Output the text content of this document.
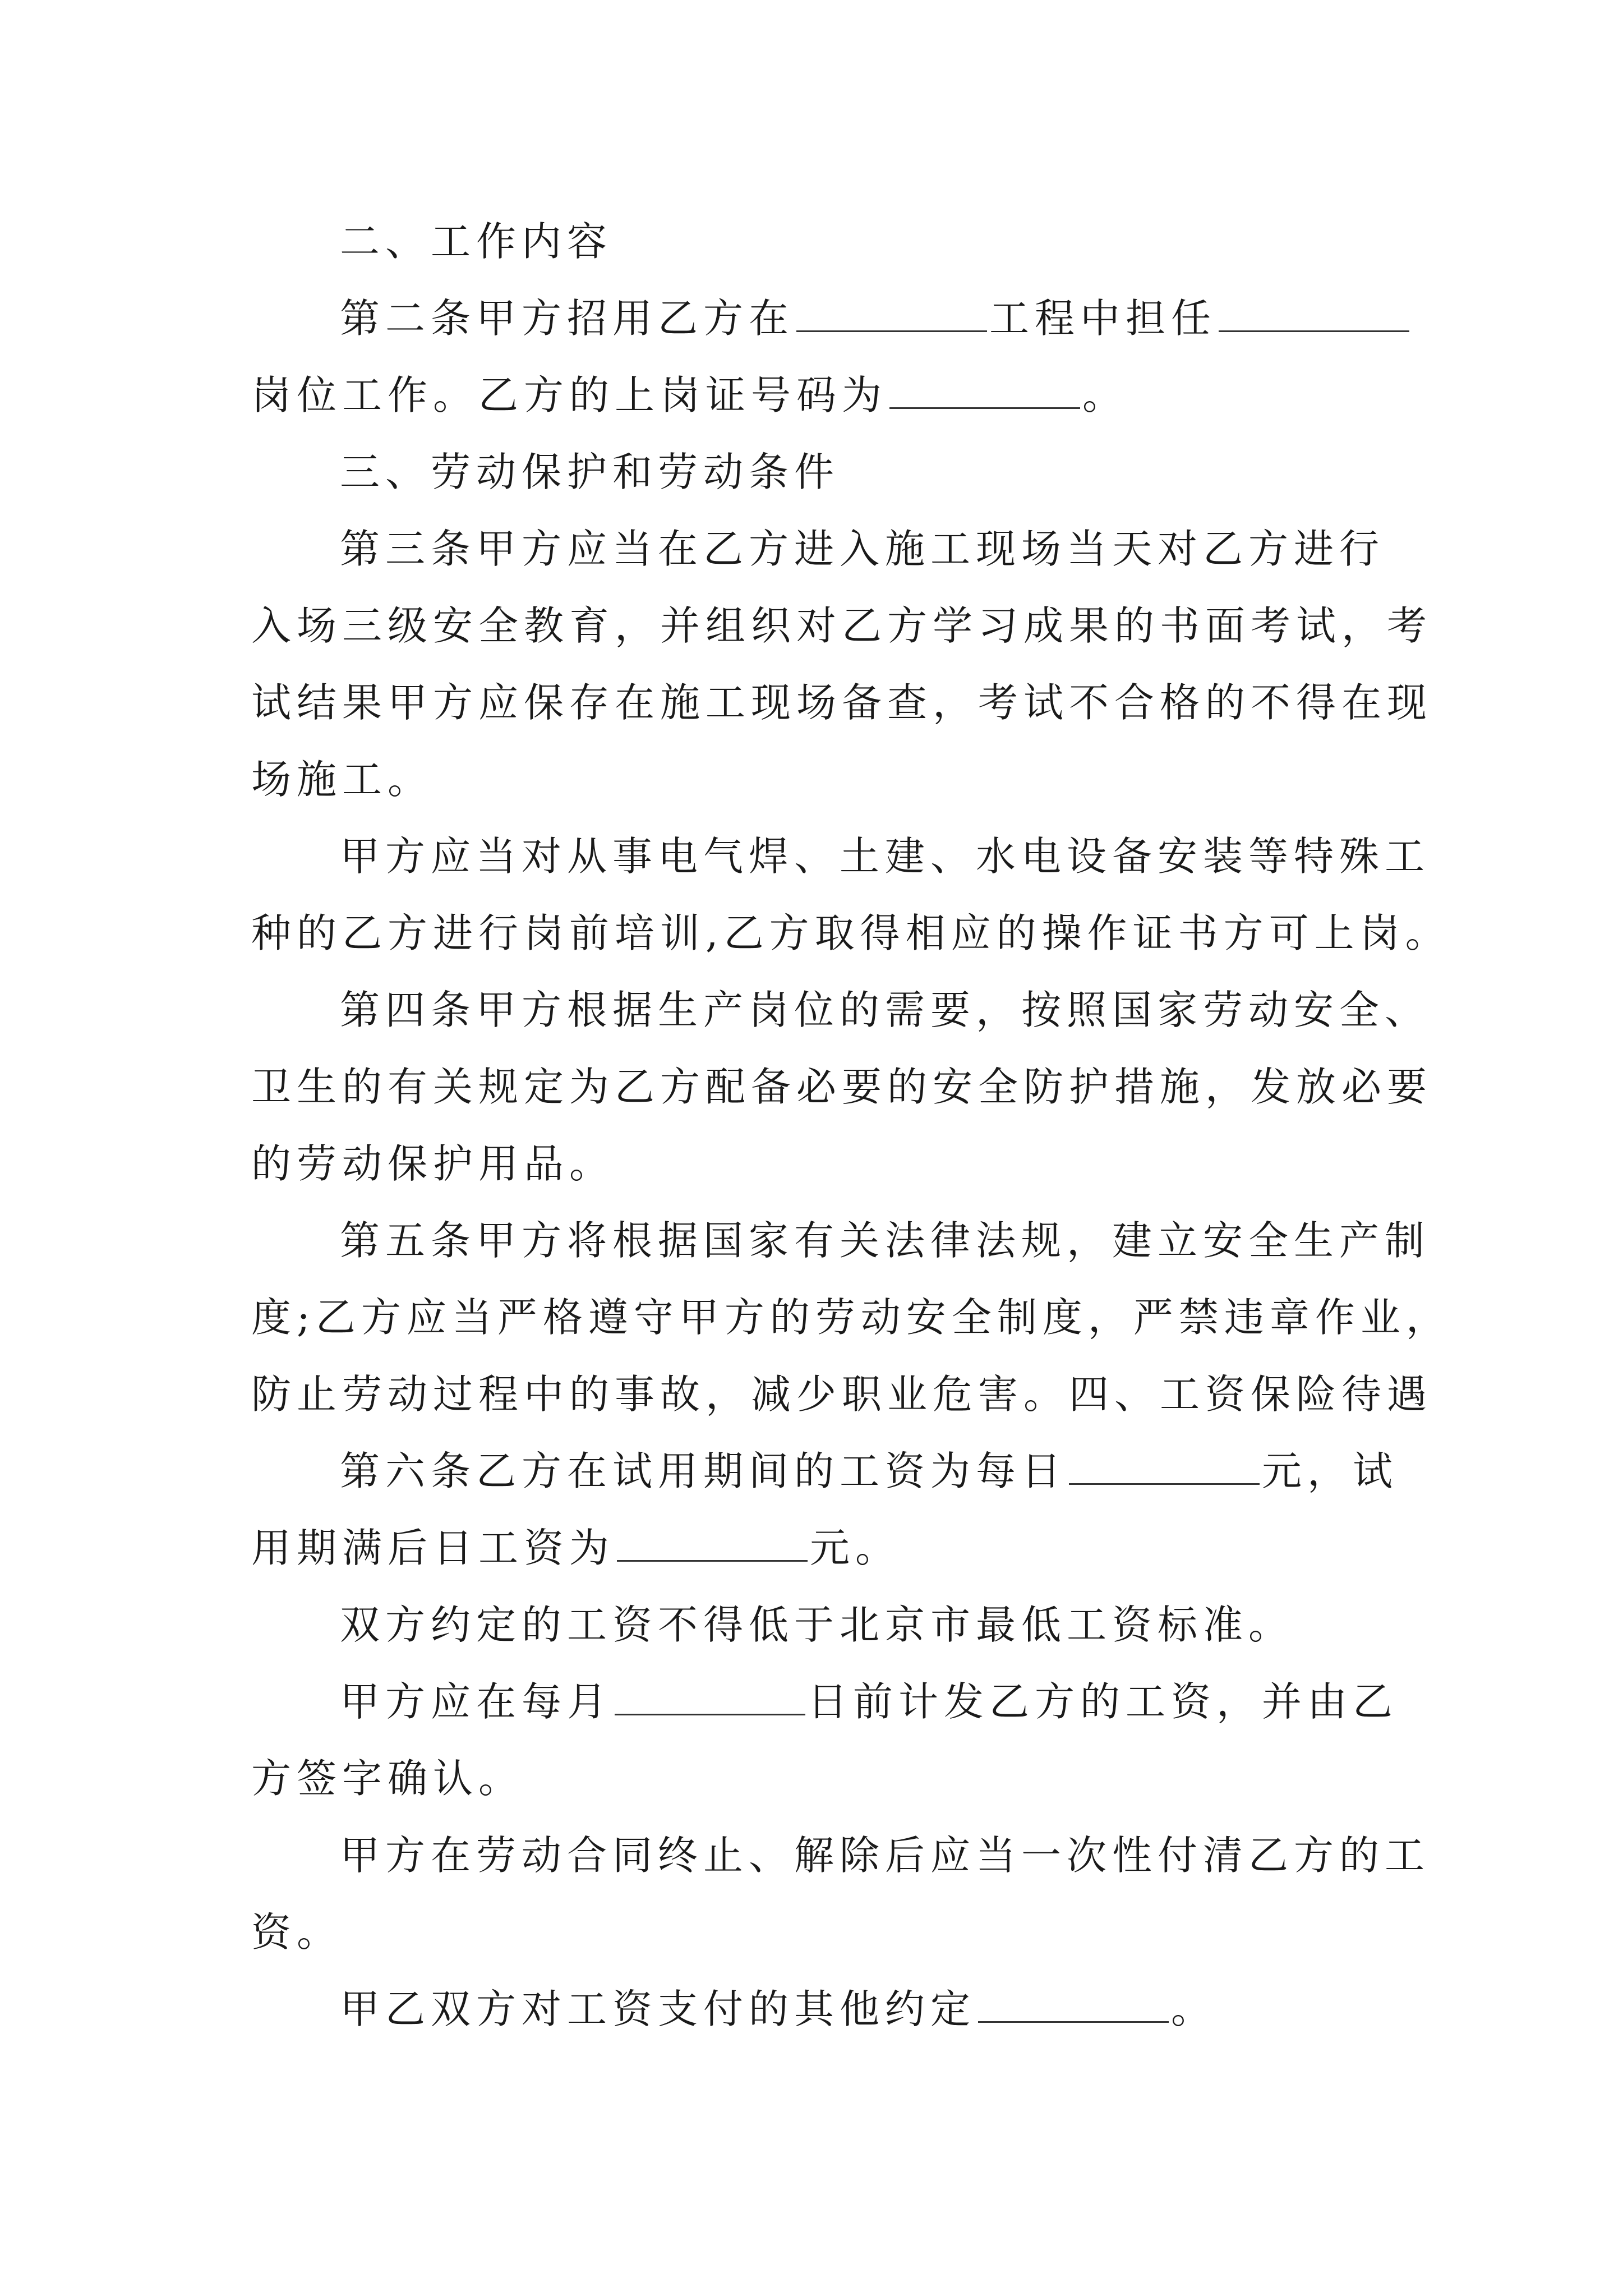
二、工作内容
第二条甲方招用乙方在	工程中担任
岗位工作。乙方的上岗证号码为	。
三、劳动保护和劳动条件
第三条甲方应当在乙方进入施工现场当天对乙方进行
入场三级安全教育，并组织对乙方学习成果的书面考试，考
试结果甲方应保存在施工现场备查，考试不合格的不得在现
场施工。
甲方应当对从事电气焊、土建、水电设备安装等特殊工
种的乙方进行岗前培训,乙方取得相应的操作证书方可上岗。
第四条甲方根据生产岗位的需要，按照国家劳动安全、
卫生的有关规定为乙方配备必要的安全防护措施，发放必要
的劳动保护用品。
第五条甲方将根据国家有关法律法规，建立安全生产制
度;乙方应当严格遵守甲方的劳动安全制度，严禁违章作业，
防止劳动过程中的事故，减少职业危害。四、工资保险待遇
第六条乙方在试用期间的工资为每日	元，试
用期满后日工资为	元。
双方约定的工资不得低于北京市最低工资标准。
甲方应在每月	日前计发乙方的工资，并由乙
方签字确认。
甲方在劳动合同终止、解除后应当一次性付清乙方的工
资。
甲乙双方对工资支付的其他约定	。
